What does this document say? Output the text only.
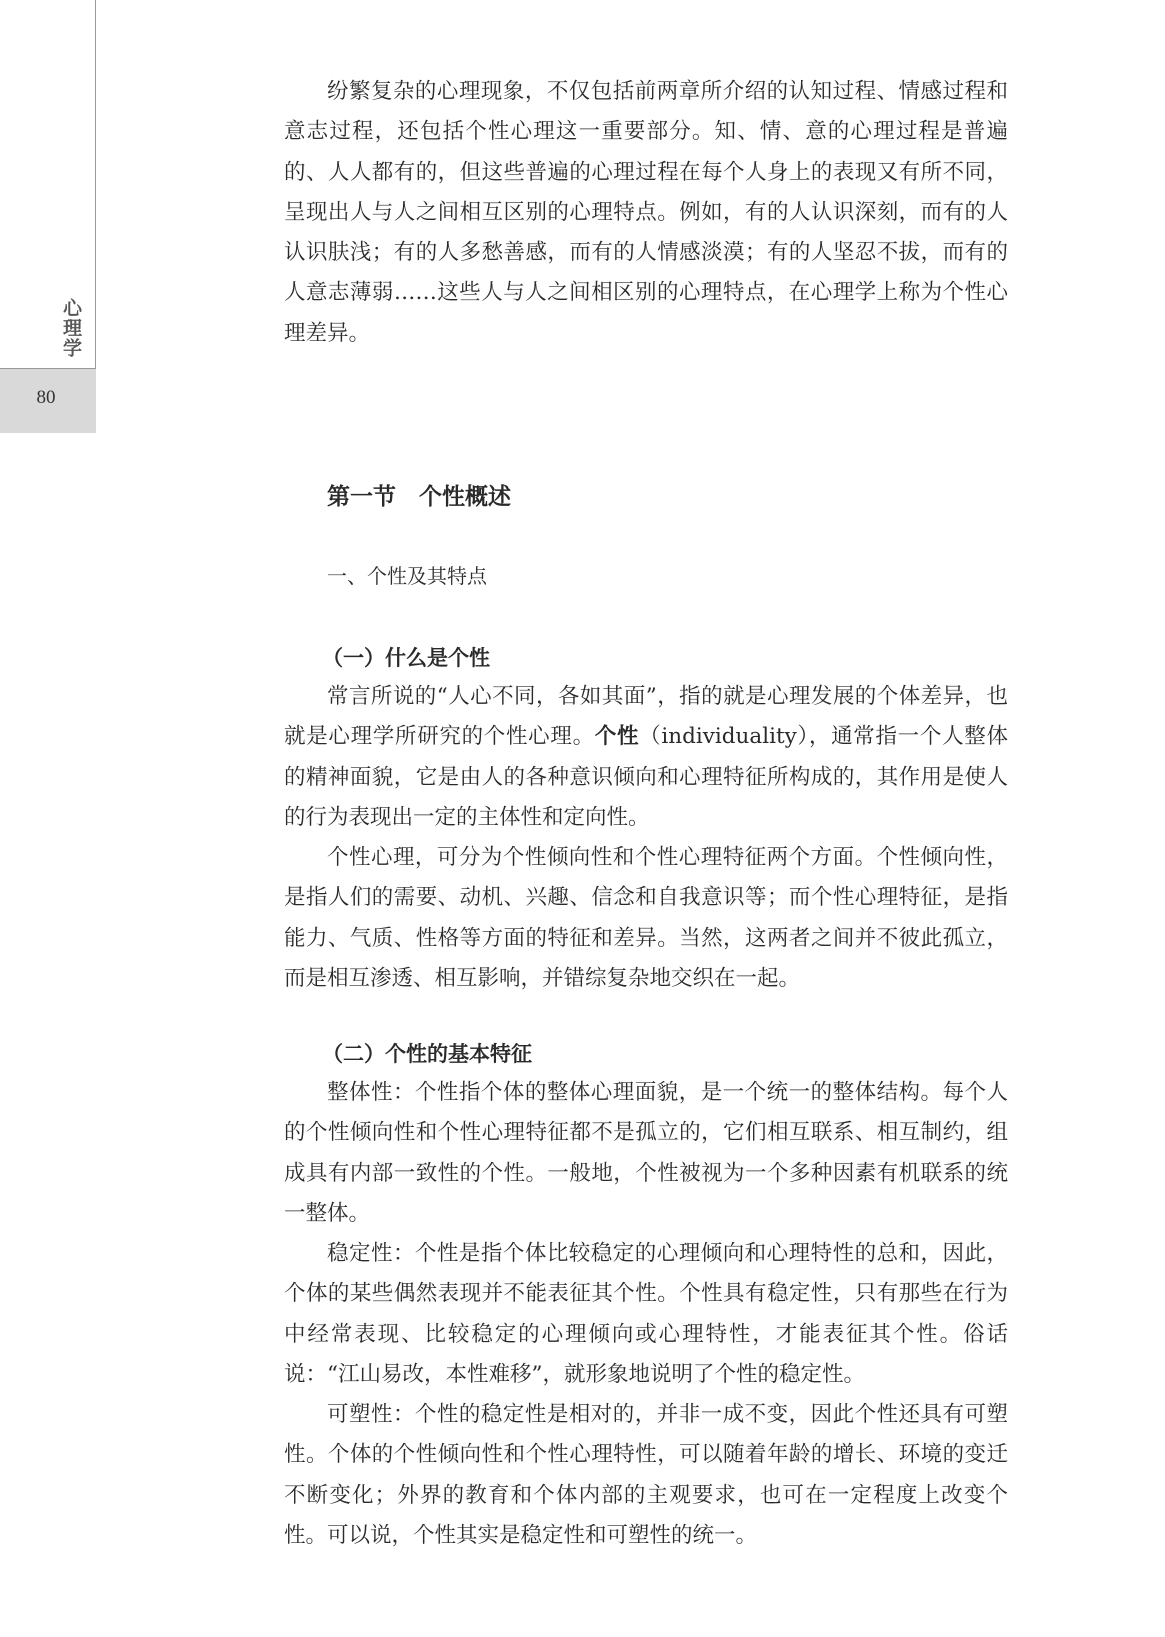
心理学
80

纷繁复杂的心理现象，不仅包括前两章所介绍的认知过程、情感过程和意志过程，还包括个性心理这一重要部分。知、情、意的心理过程是普遍的、人人都有的，但这些普遍的心理过程在每个人身上的表现又有所不同，呈现出人与人之间相互区别的心理特点。例如，有的人认识深刻，而有的人认识肤浅；有的人多愁善感，而有的人情感淡漠；有的人坚忍不拔，而有的人意志薄弱……这些人与人之间相区别的心理特点，在心理学上称为个性心理差异。

第一节　个性概述
一、个性及其特点
（一）什么是个性

常言所说的“人心不同，各如其面”，指的就是心理发展的个体差异，也就是心理学所研究的个性心理。个性（individuality），通常指一个人整体的精神面貌，它是由人的各种意识倾向和心理特征所构成的，其作用是使人的行为表现出一定的主体性和定向性。

个性心理，可分为个性倾向性和个性心理特征两个方面。个性倾向性，是指人们的需要、动机、兴趣、信念和自我意识等；而个性心理特征，是指能力、气质、性格等方面的特征和差异。当然，这两者之间并不彼此孤立，而是相互渗透、相互影响，并错综复杂地交织在一起。

（二）个性的基本特征

整体性：个性指个体的整体心理面貌，是一个统一的整体结构。每个人的个性倾向性和个性心理特征都不是孤立的，它们相互联系、相互制约，组成具有内部一致性的个性。一般地，个性被视为一个多种因素有机联系的统一整体。

稳定性：个性是指个体比较稳定的心理倾向和心理特性的总和，因此，个体的某些偶然表现并不能表征其个性。个性具有稳定性，只有那些在行为中经常表现、比较稳定的心理倾向或心理特性，才能表征其个性。俗话说：“江山易改，本性难移”，就形象地说明了个性的稳定性。

可塑性：个性的稳定性是相对的，并非一成不变，因此个性还具有可塑性。个体的个性倾向性和个性心理特性，可以随着年龄的增长、环境的变迁不断变化；外界的教育和个体内部的主观要求，也可在一定程度上改变个性。可以说，个性其实是稳定性和可塑性的统一。
